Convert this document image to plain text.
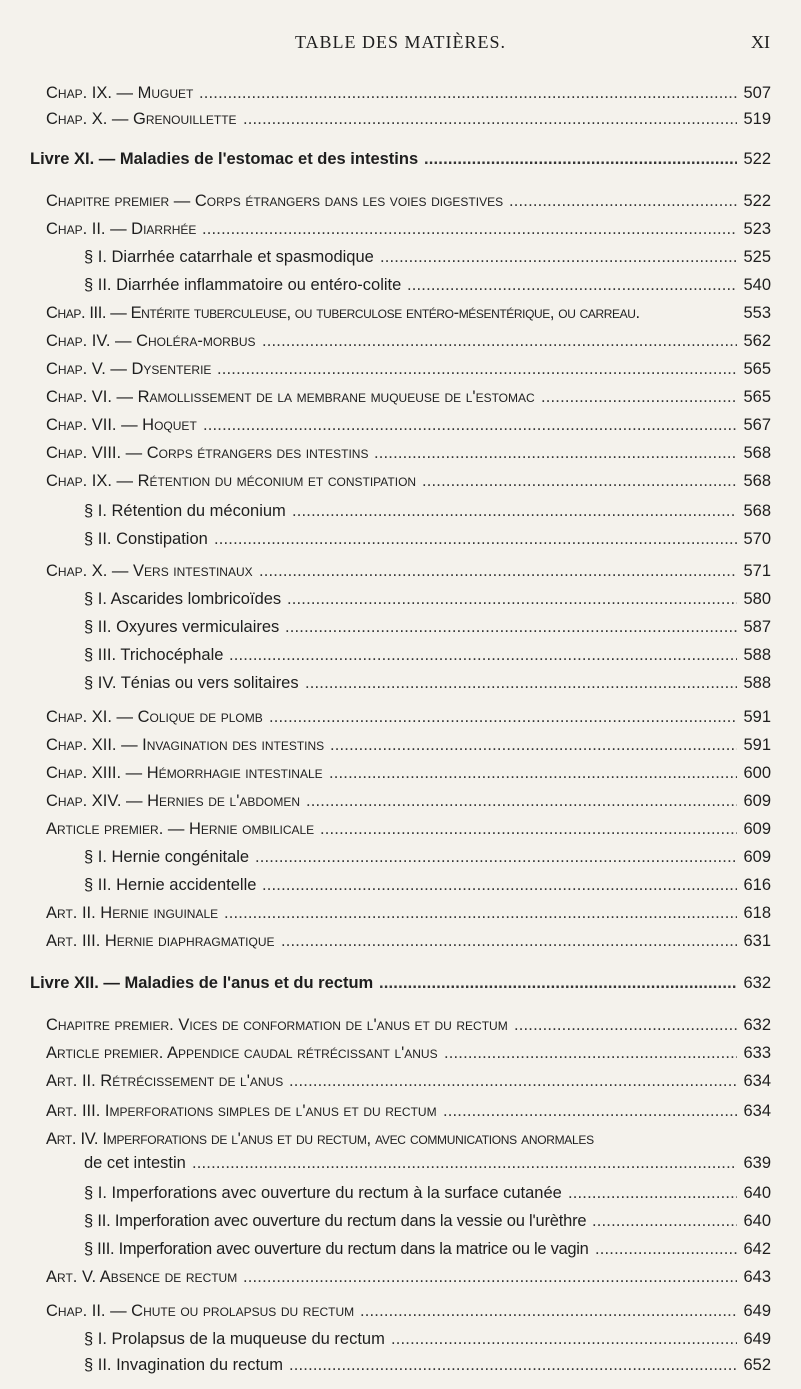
TABLE DES MATIÈRES.	XI
Chap. IX. — Muguet . . .	507
Chap. X. — Grenouillette . . .	519
Livre XI. — Maladies de l'estomac et des intestins . . .	522
Chapitre premier — Corps étrangers dans les voies digestives . . .	522
Chap. II. — Diarrhée . . .	523
§ I. Diarrhée catarrhale et spasmodique . . .	525
§ II. Diarrhée inflammatoire ou entéro-colite . . .	540
Chap. III. — Entérite tuberculeuse, ou tuberculose entéro-mésentérique, ou carreau.	553
Chap. IV. — Choléra-morbus . . .	562
Chap. V. — Dysenterie . . .	565
Chap. VI. — Ramollissement de la membrane muqueuse de l'estomac . . .	565
Chap. VII. — Hoquet . . .	567
Chap. VIII. — Corps étrangers des intestins . . .	568
Chap. IX. — Rétention du méconium et constipation . . .	568
§ I. Rétention du méconium . . .	568
§ II. Constipation . . .	570
Chap. X. — Vers intestinaux . . .	571
§ I. Ascarides lombricoïdes . . .	580
§ II. Oxyures vermiculaires . . .	587
§ III. Trichocéphale . . .	588
§ IV. Ténias ou vers solitaires . . .	588
Chap. XI. — Colique de plomb . . .	591
Chap. XII. — Invagination des intestins . . .	591
Chap. XIII. — Hémorrhagie intestinale . . .	600
Chap. XIV. — Hernies de l'abdomen . . .	609
Article premier. — Hernie ombilicale . . .	609
§ I. Hernie congénitale . . .	609
§ II. Hernie accidentelle . . .	616
Art. II. Hernie inguinale . . .	618
Art. III. Hernie diaphragmatique . . .	631
Livre XII. — Maladies de l'anus et du rectum . . .	632
Chapitre premier. Vices de conformation de l'anus et du rectum . . .	632
Article premier. Appendice caudal rétrécissant l'anus . . .	633
Art. II. Rétrécissement de l'anus . . .	634
Art. III. Imperforations simples de l'anus et du rectum . . .	634
Art. IV. Imperforations de l'anus et du rectum, avec communications anormales
de cet intestin . . .	639
§ I. Imperforations avec ouverture du rectum à la surface cutanée . . .	640
§ II. Imperforation avec ouverture du rectum dans la vessie ou l'urèthre . . .	640
§ III. Imperforation avec ouverture du rectum dans la matrice ou le vagin . . .	642
Art. V. Absence de rectum . . .	643
Chap. II. — Chute ou prolapsus du rectum . . .	649
§ I. Prolapsus de la muqueuse du rectum . . .	649
§ II. Invagination du rectum . . .	652
